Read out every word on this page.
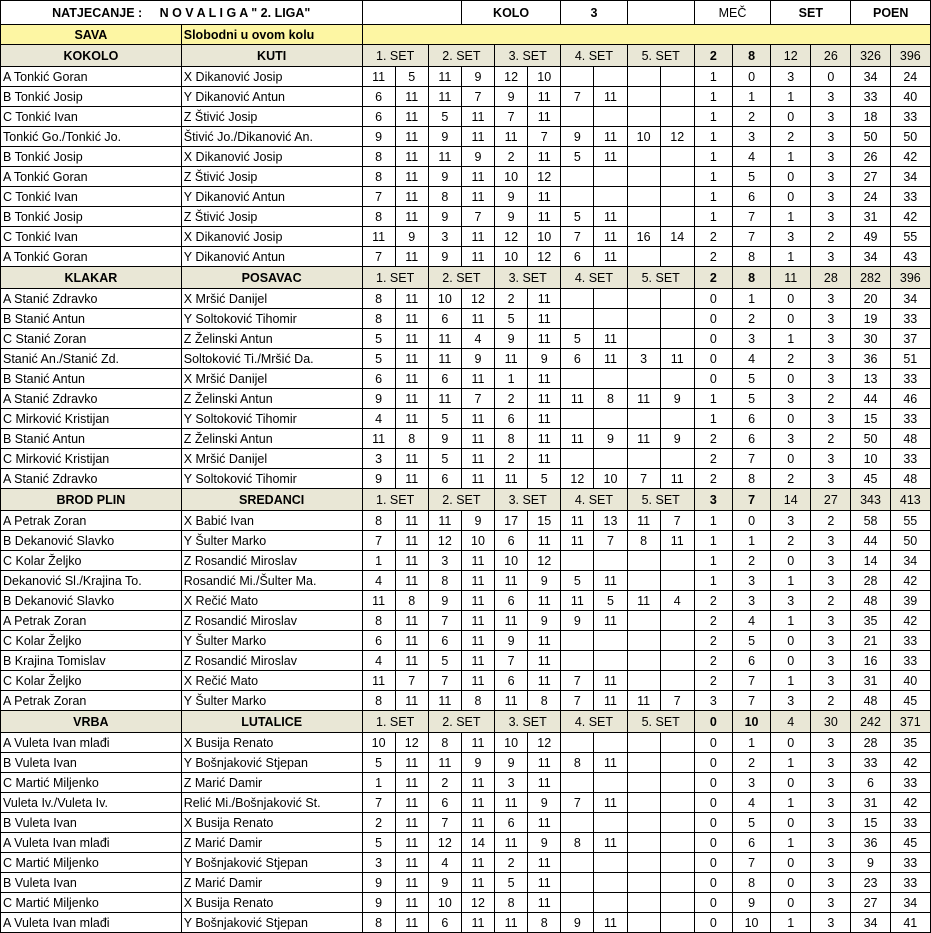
NATJECANJE : N O V A L I G A " 2. LIGA"					KOLO			3				MEČ		SET		POEN	
SAVA	Slobodni u ovom kolu																
KOKOLO	KUTI	1. SET		2. SET		3. SET		4. SET		5. SET		2	8	12	26	326	396
A Tonkić Goran	X Dikanović Josip	11	5	11	9	12	10					1	0	3	0	34	24
B Tonkić Josip	Y Dikanović Antun	6	11	11	7	9	11	7	11			1	1	1	3	33	40
C Tonkić Ivan	Z Štivić Josip	6	11	5	11	7	11					1	2	0	3	18	33
Tonkić Go./Tonkić Jo.	Štivić Jo./Dikanović An.	9	11	9	11	11	7	9	11	10	12	1	3	2	3	50	50
B Tonkić Josip	X Dikanović Josip	8	11	11	9	2	11	5	11			1	4	1	3	26	42
A Tonkić Goran	Z Štivić Josip	8	11	9	11	10	12					1	5	0	3	27	34
C Tonkić Ivan	Y Dikanović Antun	7	11	8	11	9	11					1	6	0	3	24	33
B Tonkić Josip	Z Štivić Josip	8	11	9	7	9	11	5	11			1	7	1	3	31	42
C Tonkić Ivan	X Dikanović Josip	11	9	3	11	12	10	7	11	16	14	2	7	3	2	49	55
A Tonkić Goran	Y Dikanović Antun	7	11	9	11	10	12	6	11			2	8	1	3	34	43
KLAKAR	POSAVAC	1. SET		2. SET		3. SET		4. SET		5. SET		2	8	11	28	282	396
A Stanić Zdravko	X Mršić Danijel	8	11	10	12	2	11					0	1	0	3	20	34
B Stanić Antun	Y Soltoković Tihomir	8	11	6	11	5	11					0	2	0	3	19	33
C Stanić Zoran	Z Želinski Antun	5	11	11	4	9	11	5	11			0	3	1	3	30	37
Stanić An./Stanić Zd.	Soltoković Ti./Mršić Da.	5	11	11	9	11	9	6	11	3	11	0	4	2	3	36	51
B Stanić Antun	X Mršić Danijel	6	11	6	11	1	11					0	5	0	3	13	33
A Stanić Zdravko	Z Želinski Antun	9	11	11	7	2	11	11	8	11	9	1	5	3	2	44	46
C Mirković Kristijan	Y Soltoković Tihomir	4	11	5	11	6	11					1	6	0	3	15	33
B Stanić Antun	Z Želinski Antun	11	8	9	11	8	11	11	9	11	9	2	6	3	2	50	48
C Mirković Kristijan	X Mršić Danijel	3	11	5	11	2	11					2	7	0	3	10	33
A Stanić Zdravko	Y Soltoković Tihomir	9	11	6	11	11	5	12	10	7	11	2	8	2	3	45	48
BROD PLIN	SREDANCI	1. SET		2. SET		3. SET		4. SET		5. SET		3	7	14	27	343	413
A Petrak Zoran	X Babić Ivan	8	11	11	9	17	15	11	13	11	7	1	0	3	2	58	55
B Dekanović Slavko	Y Šulter Marko	7	11	12	10	6	11	11	7	8	11	1	1	2	3	44	50
C Kolar Željko	Z Rosandić Miroslav	1	11	3	11	10	12					1	2	0	3	14	34
Dekanović Sl./Krajina To.	Rosandić Mi./Šulter Ma.	4	11	8	11	11	9	5	11			1	3	1	3	28	42
B Dekanović Slavko	X Rečić Mato	11	8	9	11	6	11	11	5	11	4	2	3	3	2	48	39
A Petrak Zoran	Z Rosandić Miroslav	8	11	7	11	11	9	9	11			2	4	1	3	35	42
C Kolar Željko	Y Šulter Marko	6	11	6	11	9	11					2	5	0	3	21	33
B Krajina Tomislav	Z Rosandić Miroslav	4	11	5	11	7	11					2	6	0	3	16	33
C Kolar Željko	X Rečić Mato	11	7	7	11	6	11	7	11			2	7	1	3	31	40
A Petrak Zoran	Y Šulter Marko	8	11	11	8	11	8	7	11	11	7	3	7	3	2	48	45
VRBA	LUTALICE	1. SET		2. SET		3. SET		4. SET		5. SET		0	10	4	30	242	371
A Vuleta Ivan mlađi	X Busija Renato	10	12	8	11	10	12					0	1	0	3	28	35
B Vuleta Ivan	Y Bošnjaković Stjepan	5	11	11	9	9	11	8	11			0	2	1	3	33	42
C Martić Miljenko	Z Marić Damir	1	11	2	11	3	11					0	3	0	3	6	33
Vuleta Iv./Vuleta Iv.	Relić Mi./Bošnjaković St.	7	11	6	11	11	9	7	11			0	4	1	3	31	42
B Vuleta Ivan	X Busija Renato	2	11	7	11	6	11					0	5	0	3	15	33
A Vuleta Ivan mlađi	Z Marić Damir	5	11	12	14	11	9	8	11			0	6	1	3	36	45
C Martić Miljenko	Y Bošnjaković Stjepan	3	11	4	11	2	11					0	7	0	3	9	33
B Vuleta Ivan	Z Marić Damir	9	11	9	11	5	11					0	8	0	3	23	33
C Martić Miljenko	X Busija Renato	9	11	10	12	8	11					0	9	0	3	27	34
A Vuleta Ivan mlađi	Y Bošnjaković Stjepan	8	11	6	11	11	8	9	11			0	10	1	3	34	41
